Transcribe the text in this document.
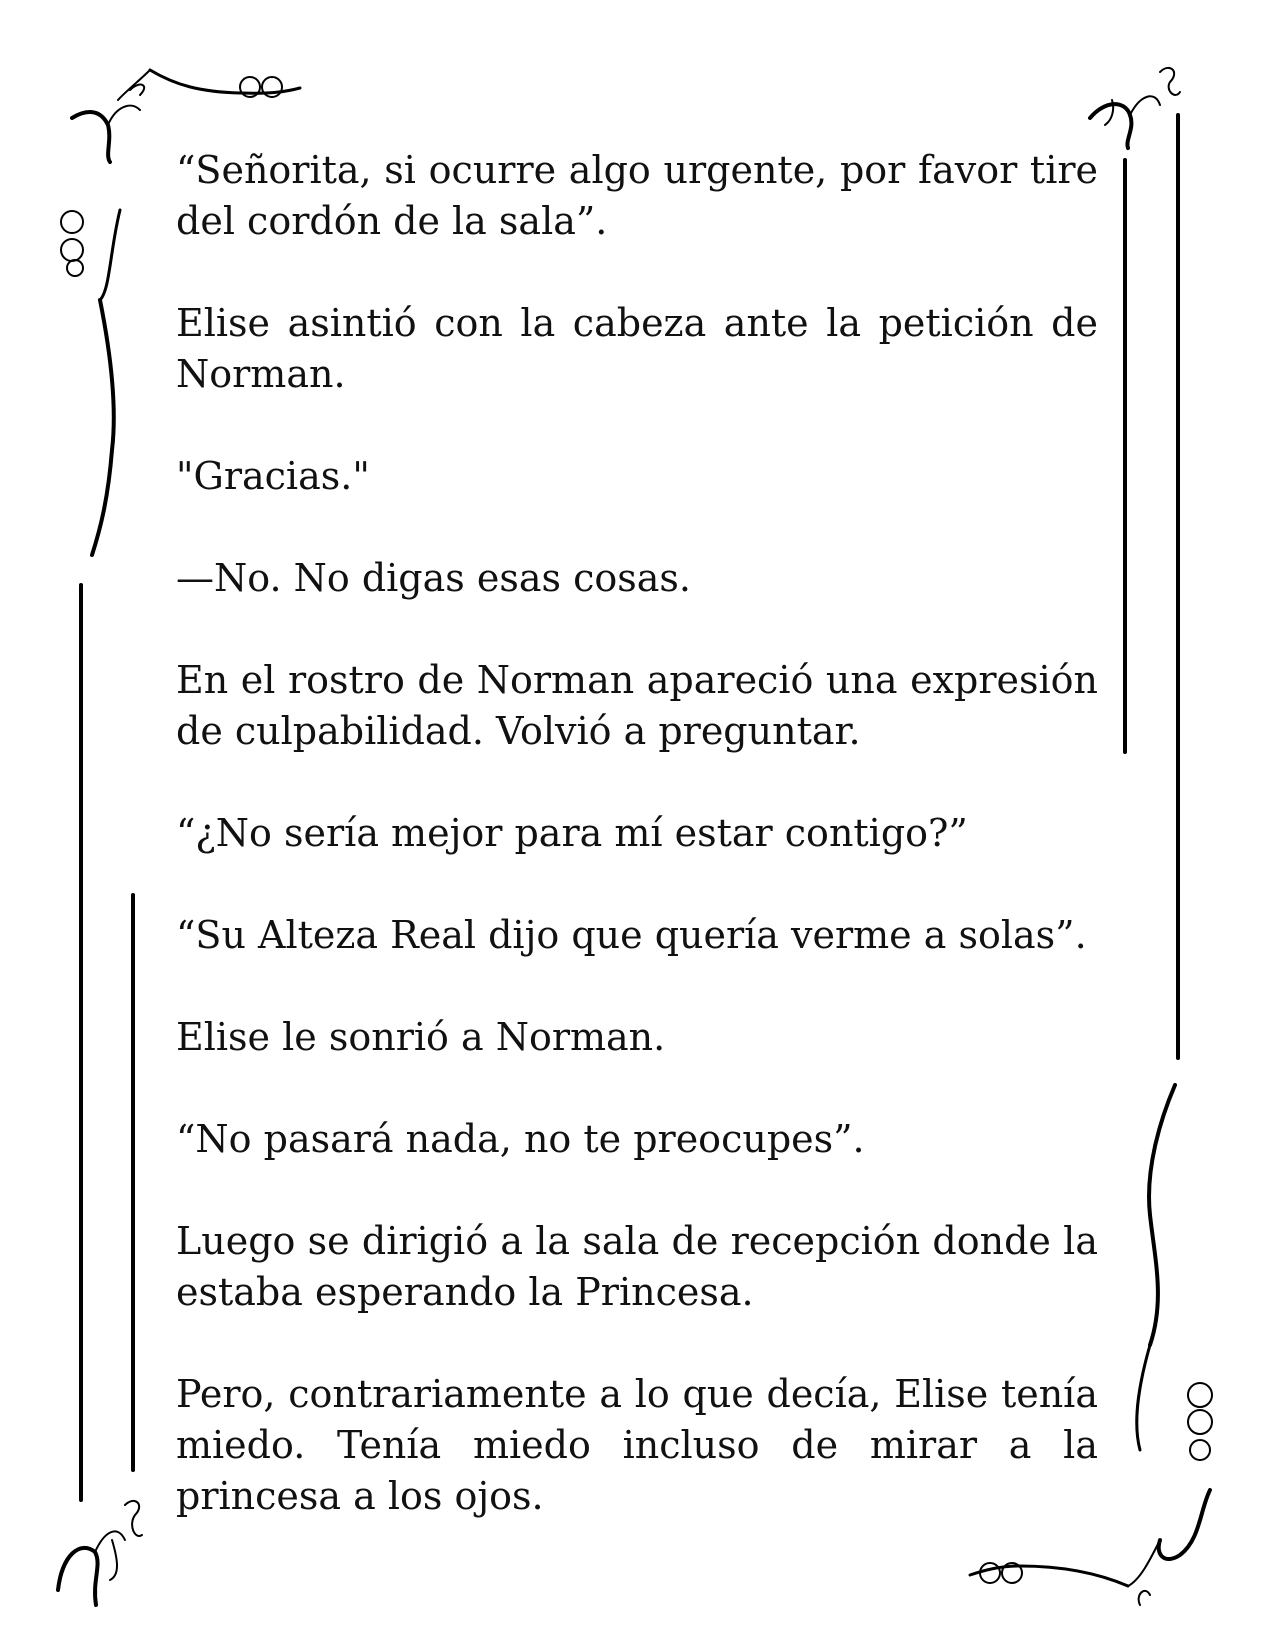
“Señorita, si ocurre algo urgente, por favor tire del cordón de la sala”.

Elise asintió con la cabeza ante la petición de Norman.

"Gracias."

—No. No digas esas cosas.

En el rostro de Norman apareció una expresión de culpabilidad. Volvió a preguntar.

“¿No sería mejor para mí estar contigo?”

“Su Alteza Real dijo que quería verme a solas”.

Elise le sonrió a Norman.

“No pasará nada, no te preocupes”.

Luego se dirigió a la sala de recepción donde la estaba esperando la Princesa.

Pero, contrariamente a lo que decía, Elise tenía miedo. Tenía miedo incluso de mirar a la princesa a los ojos.
